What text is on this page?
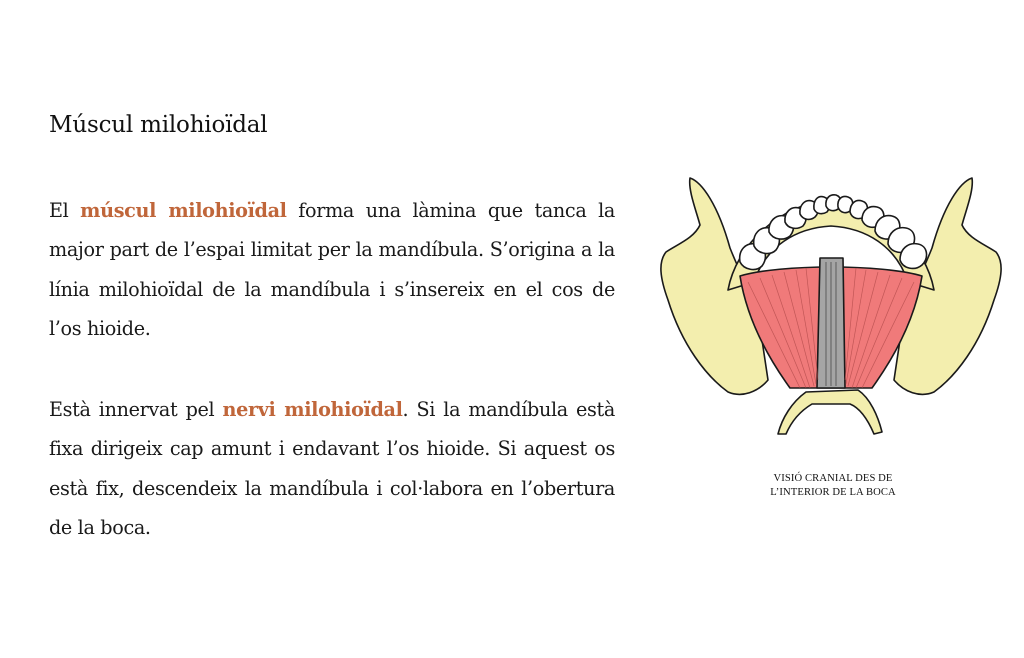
Múscul milohioïdal

El múscul milohioïdal forma una làmina que tanca la major part de l’espai limitat per la mandíbula. S’origina a la línia milohioïdal de la mandíbula i s’insereix en el cos de l’os hioide.

Està innervat pel nervi milohioïdal. Si la mandíbula està fixa dirigeix cap amunt i endavant l’os hioide. Si aquest os està fix, descendeix la mandíbula i col·labora en l’obertura de la boca.

VISIÓ CRANIAL DES DE
L’INTERIOR DE LA BOCA
